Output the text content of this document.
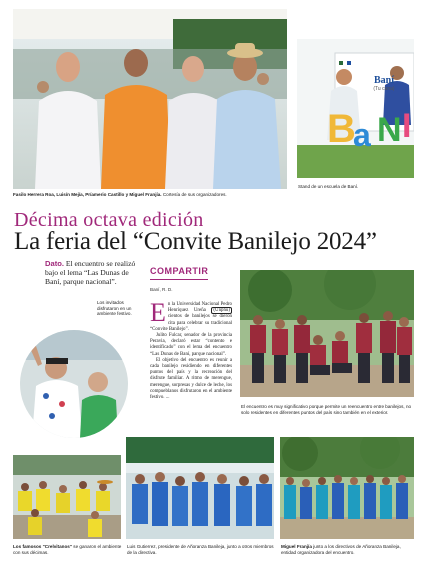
Fasilo Herrera Roa, Luisín Mejía, Príamerio Castillo y Miguel Franjía. Cortesía de sus organizadores.
Baní
(Tu cuna)
B
a N I
Stand de un escuela de Baní.
Décima octava edición
La feria del “Convite Banilejo 2024”
Dato. El encuentro se realizó bajo el lema “Las Dunas de Baní, parque nacional”.
COMPARTIR
Baní, R. D.

En la Universidad Nacional Pedro Henríquez Ureña (Unphu) cientos de banilejos se dieron cita para celebrar su tradicional “Convite Banilejo”.

Julito Fulcar, senador de la provincia Peravia, declaró estar “contento e identificado” con el lema del encuentro “Las Dunas de Baní, parque nacional”.

El objetivo del encuentro es reunir a cada banilejo residiendo en diferentes puntos del país y la recreación del disfrute familiar. A ritmo de merengue, merengue, sorpresas y dulce de leche, los compueblanos disfrutaron en el ambiente festivo. ...

Los invitados disfrutaron en un ambiente festivo.
El encuentro es muy significativo porque permite un reencuentro entre banilejos, no solo residentes en diferentes puntos del país sino también en el exterior.
Los famosos "Crelvitanos" se ganaron el ambiente con sus décimas.
Luis Gutierrez, presidente de Añoranza Banileja, junto a otros miembros de la directiva.
Miguel Franjía junto a los directivos de Añoranza Banileja, entidad organizadora del encuentro.
